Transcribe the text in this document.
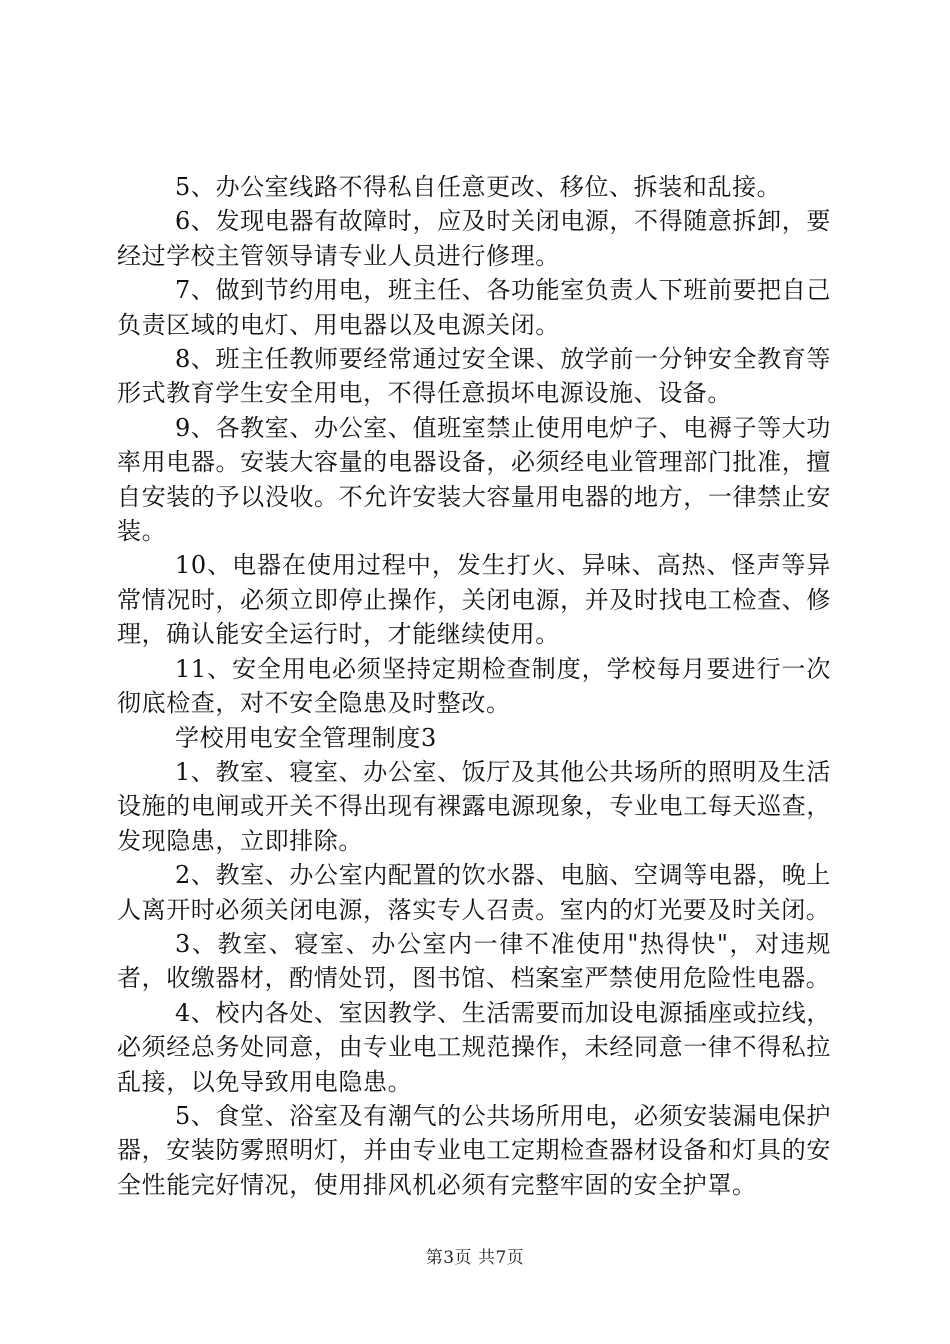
5、办公室线路不得私自任意更改、移位、拆装和乱接。

6、发现电器有故障时，应及时关闭电源，不得随意拆卸，要经过学校主管领导请专业人员进行修理。

7、做到节约用电，班主任、各功能室负责人下班前要把自己负责区域的电灯、用电器以及电源关闭。

8、班主任教师要经常通过安全课、放学前一分钟安全教育等形式教育学生安全用电，不得任意损坏电源设施、设备。

9、各教室、办公室、值班室禁止使用电炉子、电褥子等大功率用电器。安装大容量的电器设备，必须经电业管理部门批准，擅自安装的予以没收。不允许安装大容量用电器的地方，一律禁止安装。

10、电器在使用过程中，发生打火、异味、高热、怪声等异常情况时，必须立即停止操作，关闭电源，并及时找电工检查、修理，确认能安全运行时，才能继续使用。

11、安全用电必须坚持定期检查制度，学校每月要进行一次彻底检查，对不安全隐患及时整改。

学校用电安全管理制度3

1、教室、寝室、办公室、饭厅及其他公共场所的照明及生活设施的电闸或开关不得出现有裸露电源现象，专业电工每天巡查，发现隐患，立即排除。

2、教室、办公室内配置的饮水器、电脑、空调等电器，晚上人离开时必须关闭电源，落实专人召责。室内的灯光要及时关闭。

3、教室、寝室、办公室内一律不准使用"热得快"，对违规者，收缴器材，酌情处罚，图书馆、档案室严禁使用危险性电器。

4、校内各处、室因教学、生活需要而加设电源插座或拉线，必须经总务处同意，由专业电工规范操作，未经同意一律不得私拉乱接，以免导致用电隐患。

5、食堂、浴室及有潮气的公共场所用电，必须安装漏电保护器，安装防雾照明灯，并由专业电工定期检查器材设备和灯具的安全性能完好情况，使用排风机必须有完整牢固的安全护罩。

第3页 共7页
